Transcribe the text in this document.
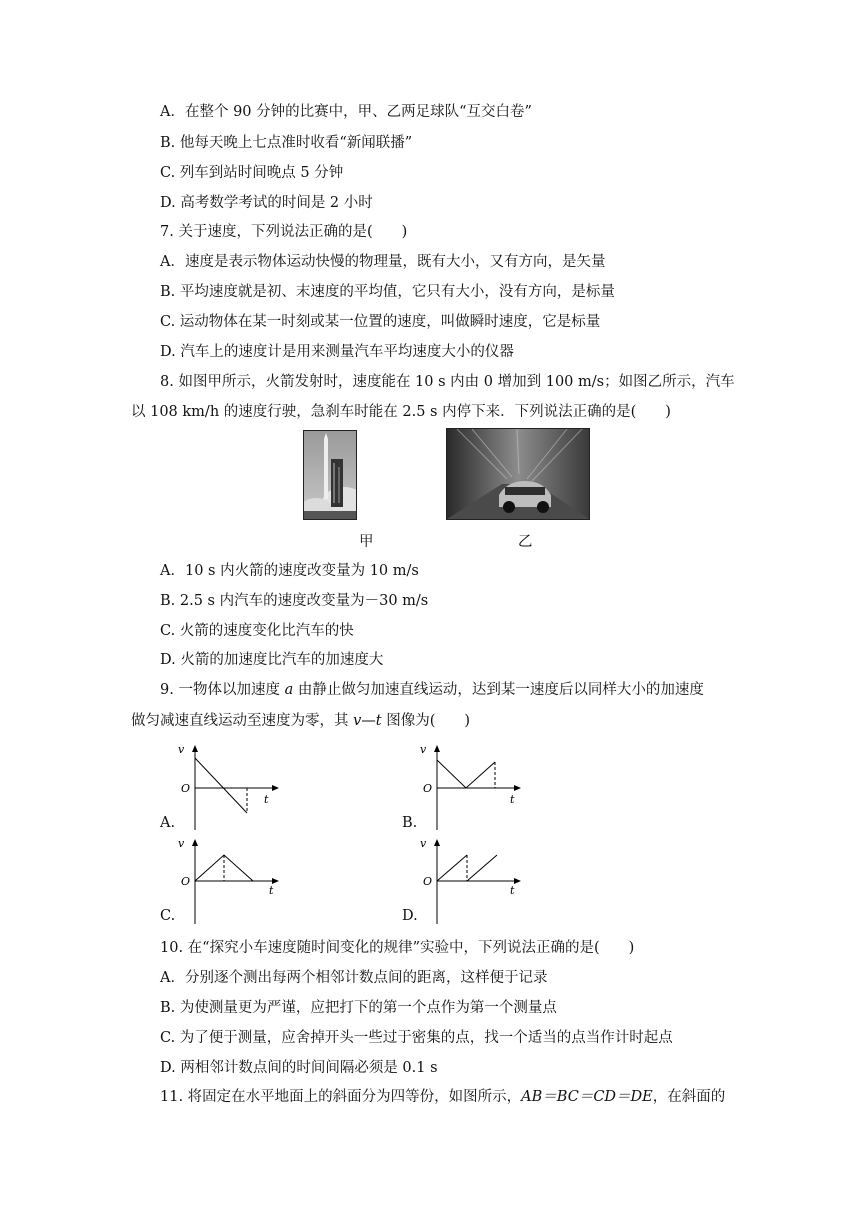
A．在整个 90 分钟的比赛中，甲、乙两足球队“互交白卷”
B. 他每天晚上七点准时收看“新闻联播”
C. 列车到站时间晚点 5 分钟
D. 高考数学考试的时间是 2 小时
7. 关于速度，下列说法正确的是(　　)
A．速度是表示物体运动快慢的物理量，既有大小，又有方向，是矢量
B. 平均速度就是初、末速度的平均值，它只有大小，没有方向，是标量
C. 运动物体在某一时刻或某一位置的速度，叫做瞬时速度，它是标量
D. 汽车上的速度计是用来测量汽车平均速度大小的仪器
8. 如图甲所示，火箭发射时，速度能在 10 s 内由 0 增加到 100 m/s；如图乙所示，汽车
以 108 km/h 的速度行驶，急刹车时能在 2.5 s 内停下来．下列说法正确的是(　　)
甲	乙
A．10 s 内火箭的速度改变量为 10 m/s
B. 2.5 s 内汽车的速度改变量为－30 m/s
C. 火箭的速度变化比汽车的快
D. 火箭的加速度比汽车的加速度大
9. 一物体以加速度 a 由静止做匀加速直线运动，达到某一速度后以同样大小的加速度
做匀减速直线运动至速度为零，其 v—t 图像为(　　)
v
O
t
A.
v
O
t
B.
v
O
t
C.
v
O
t
D.
10. 在“探究小车速度随时间变化的规律”实验中，下列说法正确的是(　　)
A．分别逐个测出每两个相邻计数点间的距离，这样便于记录
B. 为使测量更为严谨，应把打下的第一个点作为第一个测量点
C. 为了便于测量，应舍掉开头一些过于密集的点，找一个适当的点当作计时起点
D. 两相邻计数点间的时间间隔必须是 0.1 s
11. 将固定在水平地面上的斜面分为四等份，如图所示，AB＝BC＝CD＝DE，在斜面的
